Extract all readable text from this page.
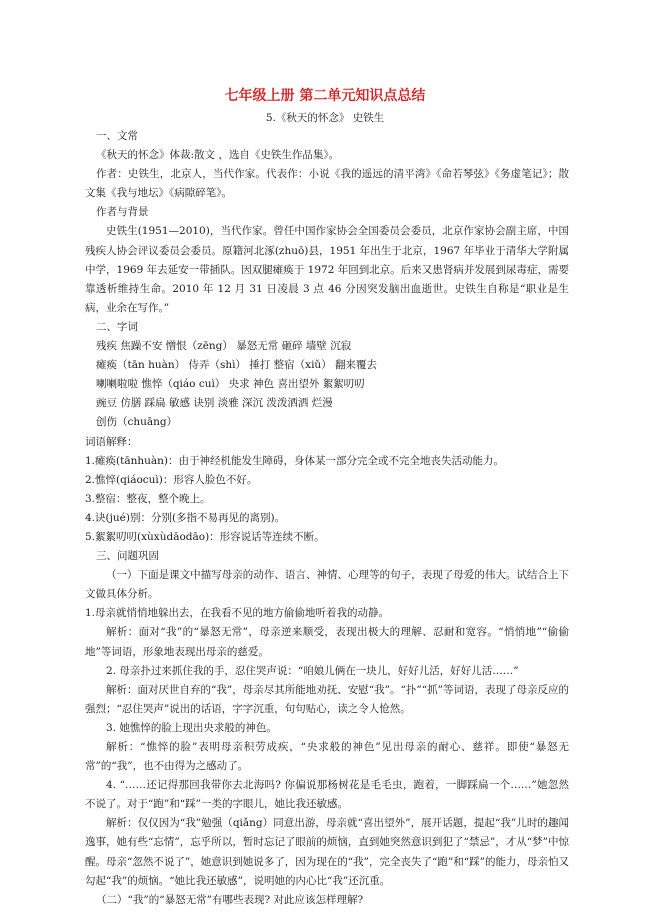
七年级上册 第二单元知识点总结
5.《秋天的怀念》 史铁生

一、文常

《秋天的怀念》体裁:散文 ，选自《史铁生作品集》。

作者：史铁生，北京人，当代作家。代表作：小说《我的遥远的清平湾》《命若琴弦》《务虚笔记》；散文集《我与地坛》《病隙碎笔》。

作者与背景

史铁生(1951—2010)，当代作家。曾任中国作家协会全国委员会委员，北京作家协会副主席，中国残疾人协会评议委员会委员。原籍河北涿(zhuō)县，1951 年出生于北京，1967 年毕业于清华大学附属中学，1969 年去延安一带插队。因双腿瘫痪于 1972 年回到北京。后来又患肾病并发展到尿毒症，需要靠透析维持生命。2010 年 12 月 31 日凌晨 3 点 46 分因突发脑出血逝世。史铁生自称是“职业是生病，业余在写作。”

二、字词

残疾 焦躁不安 憎恨（zēng） 暴怒无常 砸碎 墙壁 沉寂

瘫痪（tān huàn） 侍弄（shì） 捶打 整宿（xiǔ） 翻来覆去

喇喇啦啦 憔悴（qiáo cuì） 央求 神色 喜出望外 絮絮叨叨

豌豆 仿膳 踩扁 敏感 诀别 淡雅 深沉 泼泼洒洒 烂漫

创伤（chuāng）

词语解释：

1.瘫痪(tānhuàn)：由于神经机能发生障碍，身体某一部分完全或不完全地丧失活动能力。

2.憔悴(qiáocuì)：形容人脸色不好。

3.整宿：整夜，整个晚上。

4.诀(jué)别：分别(多指不易再见的离别)。

5.絮絮叨叨(xùxùdāodāo)：形容说话等连续不断。

三、问题巩固

（一）下面是课文中描写母亲的动作、语言、神情、心理等的句子，表现了母爱的伟大。试结合上下文做具体分析。

1.母亲就悄悄地躲出去，在我看不见的地方偷偷地听着我的动静。

解析：面对“我”的“暴怒无常”，母亲逆来顺受，表现出极大的理解、忍耐和宽容。“悄悄地”“偷偷地”等词语，形象地表现出母亲的慈爱。

2. 母亲扑过来抓住我的手，忍住哭声说：“咱娘儿俩在一块儿，好好儿活，好好儿活……”

解析：面对厌世自弃的“我”，母亲尽其所能地劝抚、安慰“我”。“扑”“抓”等词语，表现了母亲反应的强烈；“忍住哭声”说出的话语，字字沉重，句句贴心，读之令人怆然。

3. 她憔悴的脸上现出央求般的神色。

解析：“憔悴的脸”表明母亲积劳成疾，“央求般的神色”见出母亲的耐心、慈祥。即使“暴怒无常”的“我”，也不由得为之感动了。

4. “……还记得那回我带你去北海吗? 你偏说那杨树花是毛毛虫，跑着，一脚踩扁一个……”她忽然不说了。对于“跑”和“踩”一类的字眼儿，她比我还敏感。

解析：仅仅因为“我”勉强（qiǎng）同意出游，母亲就“喜出望外”，展开话题，提起“我”儿时的趣闻逸事，她有些“忘情”，忘乎所以，暂时忘记了眼前的烦恼，直到她突然意识到犯了“禁忌”，才从“梦”中惊醒。母亲“忽然不说了”，她意识到她说多了，因为现在的“我”，完全丧失了“跑”和“踩”的能力，母亲怕又勾起“我”的烦恼。“她比我还敏感”，说明她的内心比“我”还沉重。

（二）“我”的“暴怒无常”有哪些表现? 对此应该怎样理解?
